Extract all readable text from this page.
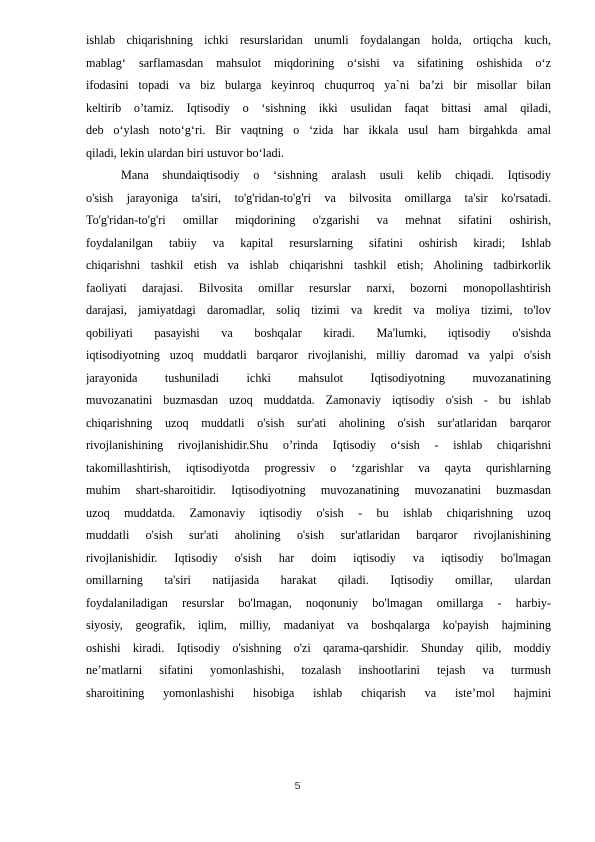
ishlab chiqarishning ichki resurslaridan unumli foydalangan holda, ortiqcha kuch,
mablag‘ sarflamasdan mahsulot miqdorining o‘sishi va sifatining oshishida o‘z
ifodasini topadi va biz bularga keyinroq chuqurroq ya`ni ba’zi bir misollar bilan
keltirib o’tamiz. Iqtisodiy o ‘sishning ikki usulidan faqat bittasi amal qiladi,
deb o‘ylash noto‘g‘ri. Bir vaqtning o ‘zida har ikkala usul ham birgahkda amal
qiladi, lekin ulardan biri ustuvor bo‘ladi.
Mana shundaiqtisodiy o ‘sishning aralash usuli kelib chiqadi. Iqtisodiy
o'sish jarayoniga ta'siri, to'g'ridan-to'g'ri va bilvosita omillarga ta'sir ko'rsatadi.
To'g'ridan-to'g'ri omillar miqdorining o'zgarishi va mehnat sifatini oshirish,
foydalanilgan tabiiy va kapital resurslarning sifatini oshirish kiradi; Ishlab
chiqarishni tashkil etish va ishlab chiqarishni tashkil etish; Aholining tadbirkorlik
faoliyati darajasi. Bilvosita omillar resurslar narxi, bozorni monopollashtirish
darajasi, jamiyatdagi daromadlar, soliq tizimi va kredit va moliya tizimi, to'lov
qobiliyati pasayishi va boshqalar kiradi. Ma'lumki, iqtisodiy o'sishda
iqtisodiyotning uzoq muddatli barqaror rivojlanishi, milliy daromad va yalpi o'sish
jarayonida tushuniladi ichki mahsulot Iqtisodiyotning muvozanatining
muvozanatini buzmasdan uzoq muddatda. Zamonaviy iqtisodiy o'sish - bu ishlab
chiqarishning uzoq muddatli o'sish sur'ati aholining o'sish sur'atlaridan barqaror
rivojlanishining rivojlanishidir.Shu o’rinda Iqtisodiy o‘sish - ishlab chiqarishni
takomillashtirish, iqtisodiyotda progressiv o ‘zgarishlar va qayta qurishlarning
muhim shart-sharoitidir. Iqtisodiyotning muvozanatining muvozanatini buzmasdan
uzoq muddatda. Zamonaviy iqtisodiy o'sish - bu ishlab chiqarishning uzoq
muddatli o'sish sur'ati aholining o'sish sur'atlaridan barqaror rivojlanishining
rivojlanishidir. Iqtisodiy o'sish har doim iqtisodiy va iqtisodiy bo'lmagan
omillarning ta'siri natijasida harakat qiladi. Iqtisodiy omillar, ulardan
foydalaniladigan resurslar bo'lmagan, noqonuniy bo'lmagan omillarga - harbiy-
siyosiy, geografik, iqlim, milliy, madaniyat va boshqalarga ko'payish hajmining
oshishi kiradi. Iqtisodiy o'sishning o'zi qarama-qarshidir. Shunday qilib, moddiy
ne’matlarni sifatini yomonlashishi, tozalash inshootlarini tejash va turmush
sharoitining yomonlashishi hisobiga ishlab chiqarish va iste’mol hajmini
5
